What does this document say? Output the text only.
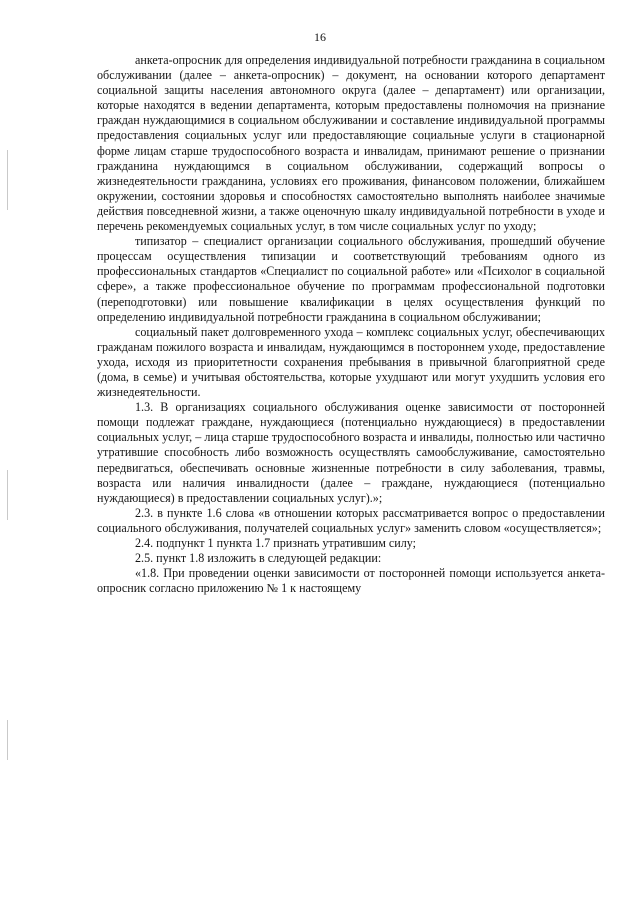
16

анкета-опросник для определения индивидуальной потребности гражданина в социальном обслуживании (далее – анкета-опросник) – документ, на основании которого департамент социальной защиты населения автономного округа (далее – департамент) или организации, которые находятся в ведении департамента, которым предоставлены полномочия на признание граждан нуждающимися в социальном обслуживании и составление индивидуальной программы предоставления социальных услуг или предоставляющие социальные услуги в стационарной форме лицам старше трудоспособного возраста и инвалидам, принимают решение о признании гражданина нуждающимся в социальном обслуживании, содержащий вопросы о жизнедеятельности гражданина, условиях его проживания, финансовом положении, ближайшем окружении, состоянии здоровья и способностях самостоятельно выполнять наиболее значимые действия повседневной жизни, а также оценочную шкалу индивидуальной потребности в уходе и перечень рекомендуемых социальных услуг, в том числе социальных услуг по уходу;

типизатор – специалист организации социального обслуживания, прошедший обучение процессам осуществления типизации и соответствующий требованиям одного из профессиональных стандартов «Специалист по социальной работе» или «Психолог в социальной сфере», а также профессиональное обучение по программам профессиональной подготовки (переподготовки) или повышение квалификации в целях осуществления функций по определению индивидуальной потребности гражданина в социальном обслуживании;

социальный пакет долговременного ухода – комплекс социальных услуг, обеспечивающих гражданам пожилого возраста и инвалидам, нуждающимся в постороннем уходе, предоставление ухода, исходя из приоритетности сохранения пребывания в привычной благоприятной среде (дома, в семье) и учитывая обстоятельства, которые ухудшают или могут ухудшить условия его жизнедеятельности.

1.3. В организациях социального обслуживания оценке зависимости от посторонней помощи подлежат граждане, нуждающиеся (потенциально нуждающиеся) в предоставлении социальных услуг, – лица старше трудоспособного возраста и инвалиды, полностью или частично утратившие способность либо возможность осуществлять самообслуживание, самостоятельно передвигаться, обеспечивать основные жизненные потребности в силу заболевания, травмы, возраста или наличия инвалидности (далее – граждане, нуждающиеся (потенциально нуждающиеся) в предоставлении социальных услуг).»;

2.3. в пункте 1.6 слова «в отношении которых рассматривается вопрос о предоставлении социального обслуживания, получателей социальных услуг» заменить словом «осуществляется»;

2.4. подпункт 1 пункта 1.7 признать утратившим силу;

2.5. пункт 1.8 изложить в следующей редакции:

«1.8. При проведении оценки зависимости от посторонней помощи используется анкета-опросник согласно приложению № 1 к настоящему
